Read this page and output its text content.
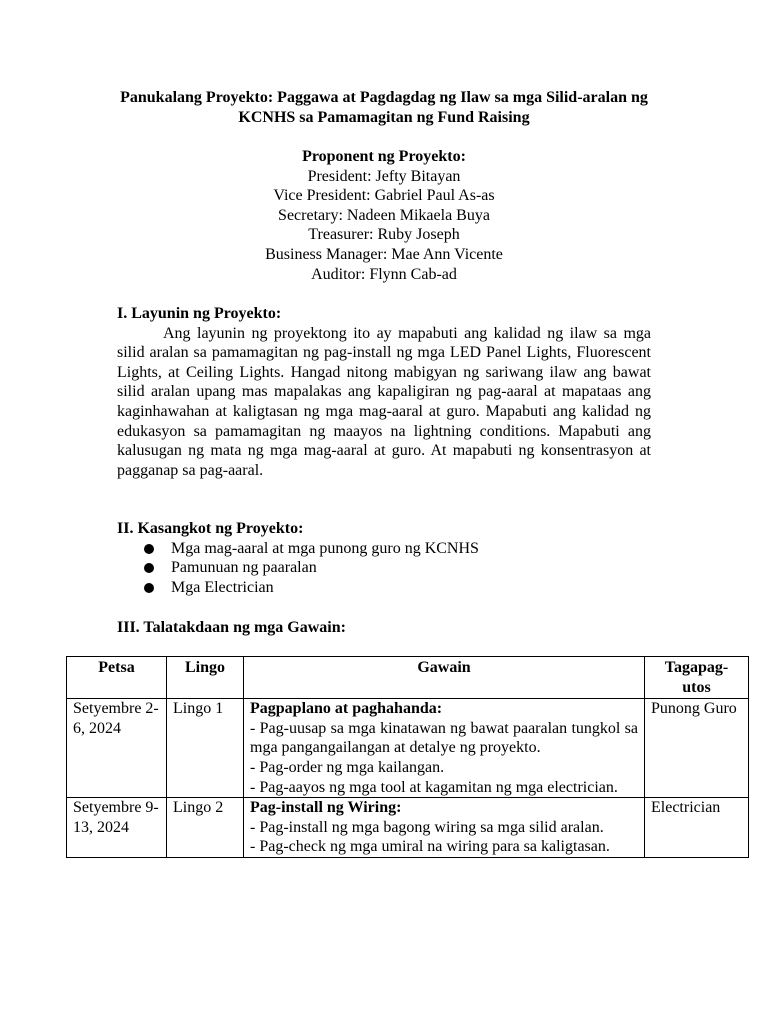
Panukalang Proyekto: Paggawa at Pagdagdag ng Ilaw sa mga Silid-aralan ng KCNHS sa Pamamagitan ng Fund Raising
Proponent ng Proyekto:
President: Jefty Bitayan
Vice President: Gabriel Paul As-as
Secretary: Nadeen Mikaela Buya
Treasurer: Ruby Joseph
Business Manager: Mae Ann Vicente
Auditor: Flynn Cab-ad
I. Layunin ng Proyekto:

Ang layunin ng proyektong ito ay mapabuti ang kalidad ng ilaw sa mga silid aralan sa pamamagitan ng pag-install ng mga LED Panel Lights, Fluorescent Lights, at Ceiling Lights. Hangad nitong mabigyan ng sariwang ilaw ang bawat silid aralan upang mas mapalakas ang kapaligiran ng pag-aaral at mapataas ang kaginhawahan at kaligtasan ng mga mag-aaral at guro. Mapabuti ang kalidad ng edukasyon sa pamamagitan ng maayos na lightning conditions. Mapabuti ang kalusugan ng mata ng mga mag-aaral at guro. At mapabuti ng konsentrasyon at pagganap sa pag-aaral.

II. Kasangkot ng Proyekto:
Mga mag-aaral at mga punong guro ng KCNHS
Pamunuan ng paaralan
Mga Electrician
III. Talatakdaan ng mga Gawain:
Petsa	Lingo	Gawain	Tagapag-utos
Setyembre 2-6, 2024	Lingo 1	Pagpaplano at paghahanda:
- Pag-uusap sa mga kinatawan ng bawat paaralan tungkol sa mga pangangailangan at detalye ng proyekto.
- Pag-order ng mga kailangan.
- Pag-aayos ng mga tool at kagamitan ng mga electrician.	Punong Guro
Setyembre 9-13, 2024	Lingo 2	Pag-install ng Wiring:
- Pag-install ng mga bagong wiring sa mga silid aralan.
- Pag-check ng mga umiral na wiring para sa kaligtasan.	Electrician
